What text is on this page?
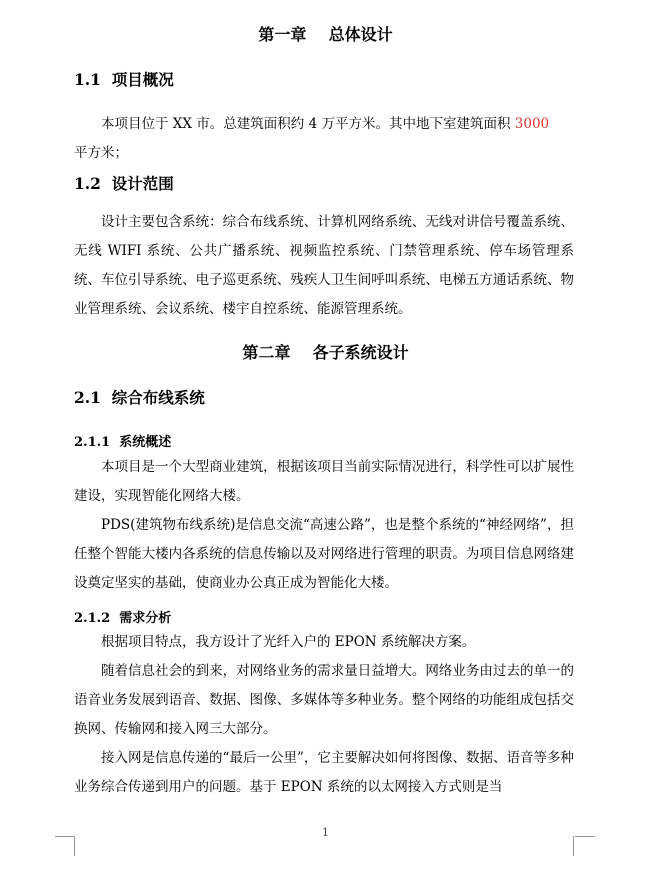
第一章    总体设计
1.1  项目概况
本项目位于 XX 市。总建筑面积约 4 万平方米。其中地下室建筑面积 3000
平方米；
1.2  设计范围

设计主要包含系统：综合布线系统、计算机网络系统、无线对讲信号覆盖系统、无线 WIFI 系统、公共广播系统、视频监控系统、门禁管理系统、停车场管理系统、车位引导系统、电子巡更系统、残疾人卫生间呼叫系统、电梯五方通话系统、物业管理系统、会议系统、楼宇自控系统、能源管理系统。

第二章    各子系统设计
2.1  综合布线系统
2.1.1  系统概述

本项目是一个大型商业建筑，根据该项目当前实际情况进行，科学性可以扩展性建设，实现智能化网络大楼。

PDS(建筑物布线系统)是信息交流“高速公路”，也是整个系统的“神经网络”，担任整个智能大楼内各系统的信息传输以及对网络进行管理的职责。为项目信息网络建设奠定坚实的基础，使商业办公真正成为智能化大楼。

2.1.2  需求分析

根据项目特点，我方设计了光纤入户的 EPON 系统解决方案。

随着信息社会的到来，对网络业务的需求量日益增大。网络业务由过去的单一的语音业务发展到语音、数据、图像、多媒体等多种业务。整个网络的功能组成包括交换网、传输网和接入网三大部分。

接入网是信息传递的“最后一公里”，它主要解决如何将图像、数据、语音等多种业务综合传递到用户的问题。基于 EPON 系统的以太网接入方式则是当

1
